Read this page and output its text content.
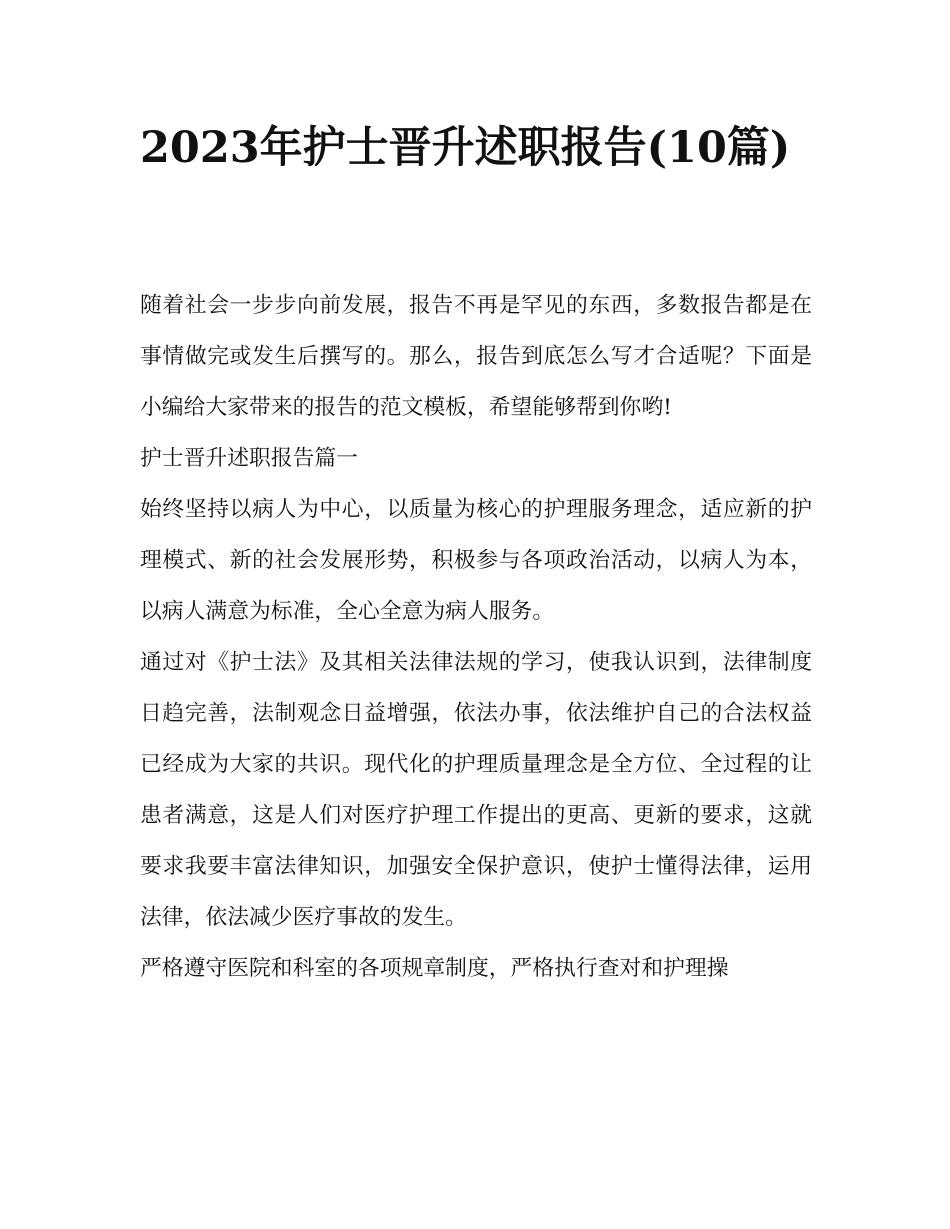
2023年护士晋升述职报告(10篇)

随着社会一步步向前发展，报告不再是罕见的东西，多数报告都是在事情做完或发生后撰写的。那么，报告到底怎么写才合适呢？下面是小编给大家带来的报告的范文模板，希望能够帮到你哟!

护士晋升述职报告篇一

始终坚持以病人为中心，以质量为核心的护理服务理念，适应新的护理模式、新的社会发展形势，积极参与各项政治活动，以病人为本，以病人满意为标准，全心全意为病人服务。

通过对《护士法》及其相关法律法规的学习，使我认识到，法律制度日趋完善，法制观念日益增强，依法办事，依法维护自己的合法权益已经成为大家的共识。现代化的护理质量理念是全方位、全过程的让患者满意，这是人们对医疗护理工作提出的更高、更新的要求，这就要求我要丰富法律知识，加强安全保护意识，使护士懂得法律，运用法律，依法减少医疗事故的发生。

严格遵守医院和科室的各项规章制度，严格执行查对和护理操
